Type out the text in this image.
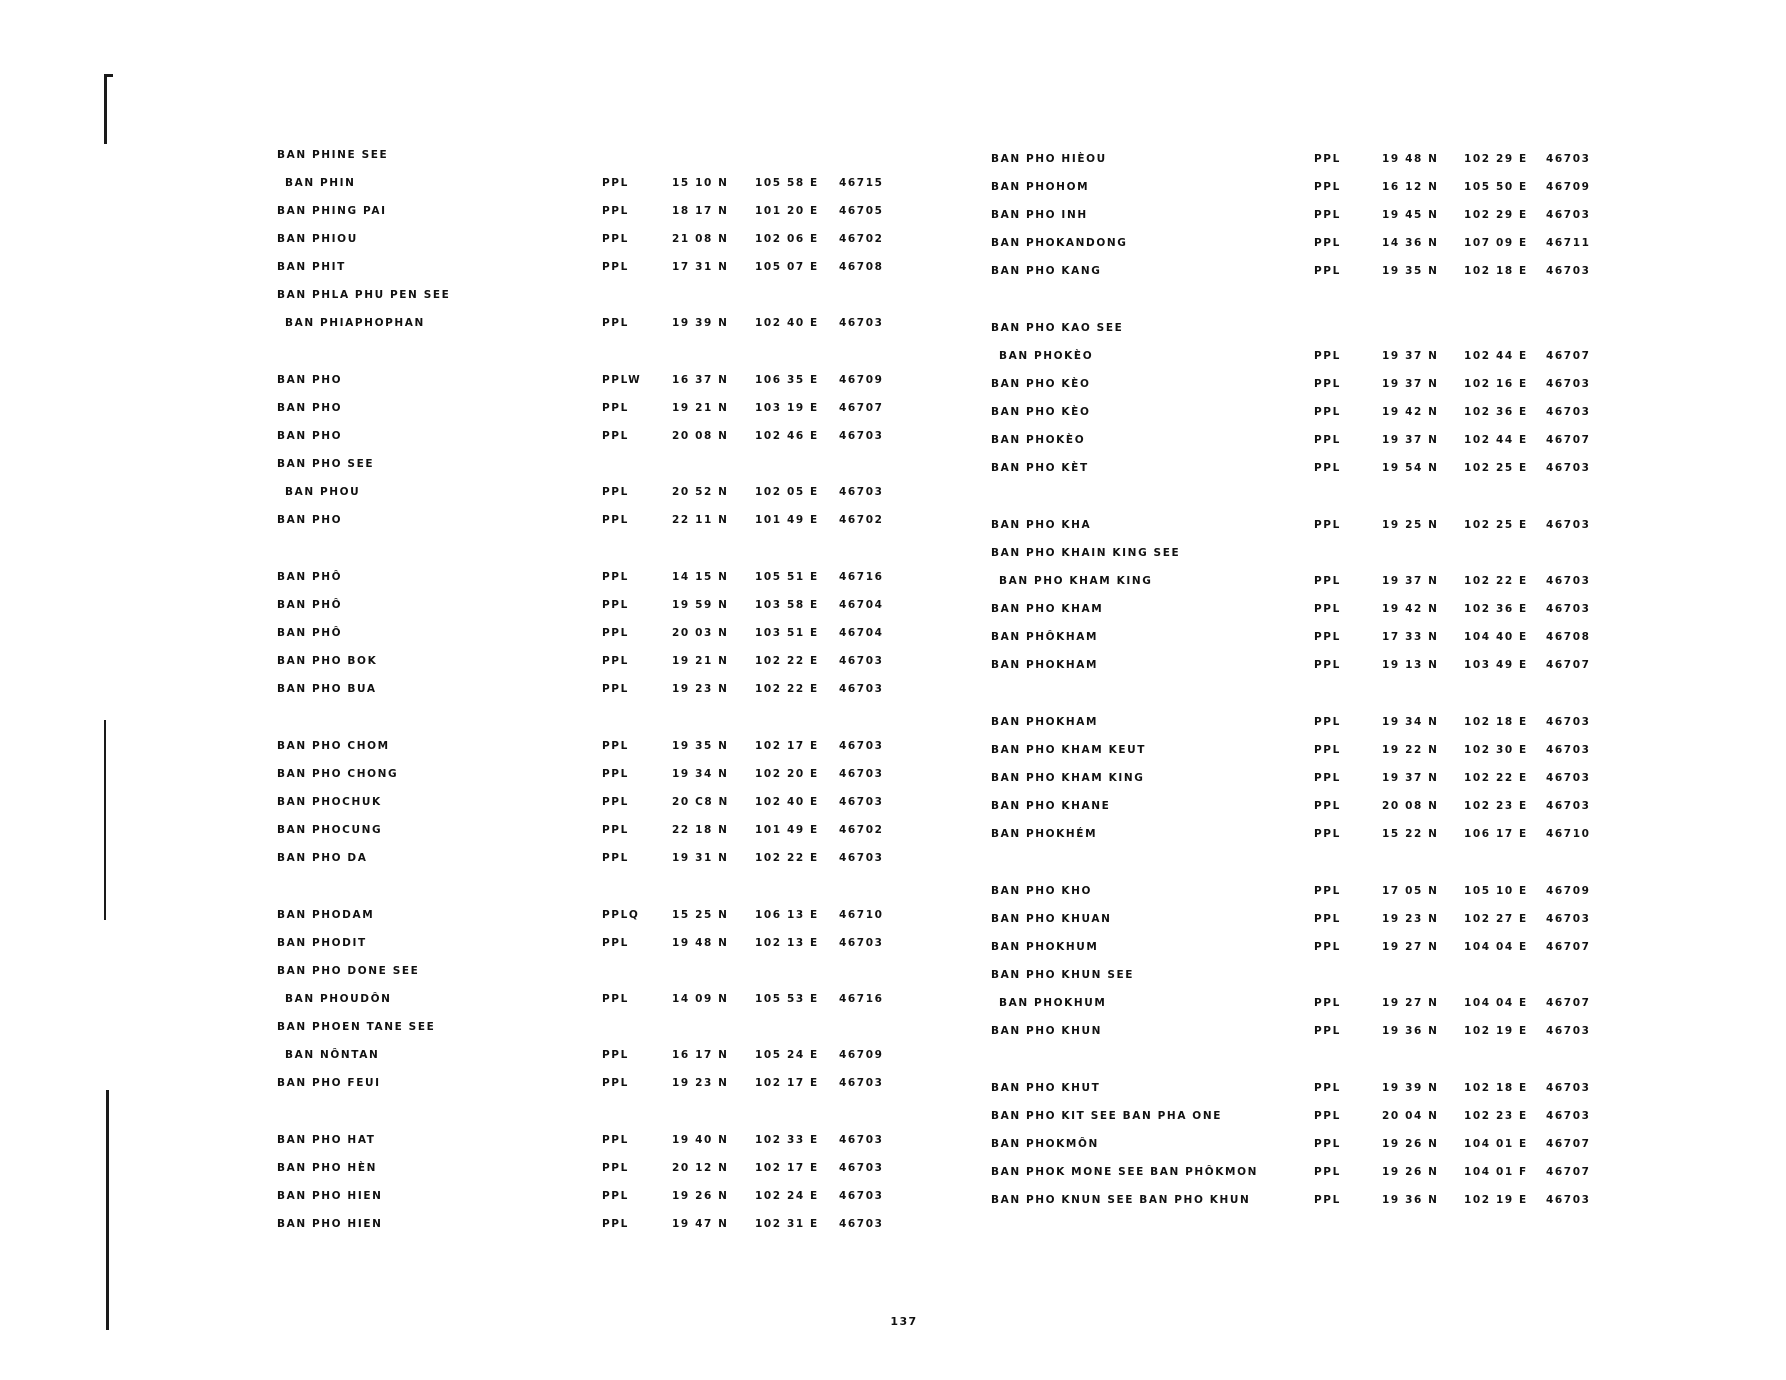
BAN PHINE SEE
BAN PHIN	PPL	15 10 N	105 58 E 46715
BAN PHING PAI	PPL	18 17 N	101 20 E 46705
BAN PHIOU	PPL	21 08 N	102 06 E 46702
BAN PHIT	PPL	17 31 N	105 07 E 46708
BAN PHLA PHU PEN SEE
BAN PHIAPHOPHAN	PPL	19 39 N	102 40 E 46703
BAN PHO	PPLW	16 37 N	106 35 E 46709
BAN PHO	PPL	19 21 N	103 19 E 46707
BAN PHO	PPL	20 08 N	102 46 E 46703
BAN PHO SEE
BAN PHOU	PPL	20 52 N	102 05 E 46703
BAN PHO	PPL	22 11 N	101 49 E 46702
BAN PHÔ	PPL	14 15 N	105 51 E 46716
BAN PHÔ	PPL	19 59 N	103 58 E 46704
BAN PHÔ	PPL	20 03 N	103 51 E 46704
BAN PHO BOK	PPL	19 21 N	102 22 E 46703
BAN PHO BUA	PPL	19 23 N	102 22 E 46703
BAN PHO CHOM	PPL	19 35 N	102 17 E 46703
BAN PHO CHONG	PPL	19 34 N	102 20 E 46703
BAN PHOCHUK	PPL	20 C8 N 102 40 E 46703
BAN PHOCUNG	PPL	22 18 N	101 49 E 46702
BAN PHO DA	PPL	19 31 N	102 22 E 46703
BAN PHODAM	PPLQ	15 25 N	106 13 E 46710
BAN PHODIT	PPL	19 48 N	102 13 E 46703
BAN PHO DONE SEE
BAN PHOUDÔN	PPL	14 09 N	105 53 E 46716
BAN PHOEN TANE SEE
BAN NÔNTAN	PPL	16 17 N	105 24 E 46709
BAN PHO FEUI	PPL	19 23 N	102 17 E 46703
BAN PHO HAT	PPL	19 40 N	102 33 E 46703
BAN PHO HÈN	PPL	20 12 N	102 17 E 46703
BAN PHO HIEN	PPL	19 26 N	102 24 E 46703
BAN PHO HIEN	PPL	19 47 N	102 31 E 46703
BAN PHO HIÈOU	PPL	19 48 N 102 29 E 46703
BAN PHOHOM	PPL	16 12 N 105 50 E 46709
BAN PHO INH	PPL	19 45 N 102 29 E 46703
BAN PHOKANDONG	PPL	14 36 N 107 09 E 46711
BAN PHO KANG	PPL	19 35 N 102 18 E 46703
BAN PHO KAO SEE
BAN PHOKÈO	PPL	19 37 N 102 44 E 46707
BAN PHO KÈO	PPL	19 37 N 102 16 E 46703
BAN PHO KÈO	PPL	19 42 N 102 36 E 46703
BAN PHOKÈO	PPL	19 37 N 102 44 E 46707
BAN PHO KÈT	PPL	19 54 N 102 25 E 46703
BAN PHO KHA	PPL	19 25 N 102 25 E 46703
BAN PHO KHAIN KING SEE
BAN PHO KHAM KING	PPL	19 37 N 102 22 E 46703
BAN PHO KHAM	PPL	19 42 N 102 36 E 46703
BAN PHÔKHAM	PPL	17 33 N 104 40 E 46708
BAN PHOKHAM	PPL	19 13 N 103 49 E 46707
BAN PHOKHAM	PPL	19 34 N 102 18 E 46703
BAN PHO KHAM KEUT	PPL	19 22 N 102 30 E 46703
BAN PHO KHAM KING	PPL	19 37 N 102 22 E 46703
BAN PHO KHANE	PPL	20 08 N 102 23 E 46703
BAN PHOKHÉM	PPL	15 22 N 106 17 E 46710
BAN PHO KHO	PPL	17 05 N 105 10 E 46709
BAN PHO KHUAN	PPL	19 23 N 102 27 E 46703
BAN PHOKHUM	PPL	19 27 N 104 04 E 46707
BAN PHO KHUN SEE
BAN PHOKHUM	PPL	19 27 N 104 04 E 46707
BAN PHO KHUN	PPL	19 36 N 102 19 E 46703
BAN PHO KHUT	PPL	19 39 N 102 18 E 46703
BAN PHO KIT SEE BAN PHA ONE	PPL	20 04 N 102 23 E 46703
BAN PHOKMÔN	PPL	19 26 N 104 01 E 46707
BAN PHOK MONE SEE BAN PHÔKMON	PPL	19 26 N 104 01 F 46707
BAN PHO KNUN SEE BAN PHO KHUN	PPL	19 36 N 102 19 E 46703
137
